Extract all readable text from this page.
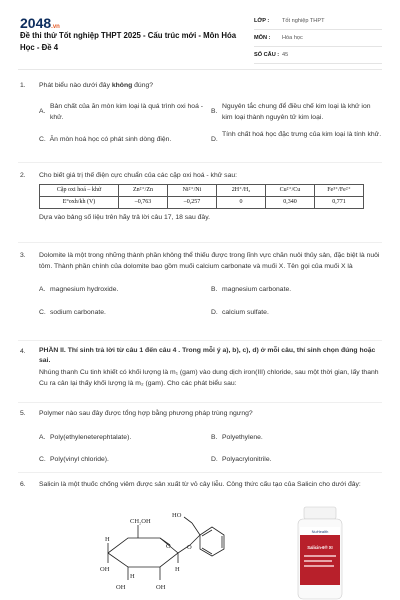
2048.vn
Đề thi thử Tốt nghiệp THPT 2025 - Cấu trúc mới - Môn Hóa Học - Đề 4
LỚP :	Tốt nghiệp THPT
MÔN :	Hóa học
SỐ CÂU : 45
1.	Phát biểu nào dưới đây không đúng?
A.
Bản chất của ăn mòn kim loại là quá trình oxi hoá - khử.
B.
Nguyên tắc chung để điều chế kim loại là khử ion kim loại thành nguyên tử kim loại.
C. Ăn mòn hoá học có phát sinh dòng điện.	D.
Tính chất hoá học đặc trưng của kim loại là tính khử.
2.	Cho biết giá trị thế điện cực chuẩn của các cặp oxi hoá - khử sau:
Cặp oxi hoá – khử	Zn²⁺/Zn	Ni²⁺/Ni	2H⁺/H₂	Cu²⁺/Cu	Fe³⁺/Fe²⁺
E°oxh/kh (V)	–0,763	–0,257	0	0,340	0,771
Dựa vào bảng số liệu trên hãy trả lời câu 17, 18 sau đây.
3.	Dolomite là một trong những thành phần không thể thiếu được trong lĩnh vực chăn nuôi thủy sản, đặc biệt là nuôi tôm. Thành phần chính của dolomite bao gồm muối calcium carbonate và muối X. Tên gọi của muối X là
A. magnesium hydroxide.	B. magnesium carbonate.
C. sodium carbonate.	D. calcium sulfate.
4.	PHẦN II. Thí sinh trả lời từ câu 1 đến câu 4 . Trong mỗi ý a), b), c), d) ở mỗi câu, thí sinh chọn đúng hoặc sai.
Nhúng thanh Cu tinh khiết có khối lượng là m₁ (gam) vào dung dịch iron(III) chloride, sau một thời gian, lấy thanh Cu ra cân lại thấy khối lượng là m₂ (gam). Cho các phát biểu sau:
5.	Polymer nào sau đây được tổng hợp bằng phương pháp trùng ngưng?
A. Poly(ethyleneterephtalate).	B. Polyethylene.
C. Poly(vinyl chloride).	D. Polyacrylonitrile.
6.	Salicin là một thuốc chống viêm được sản xuất từ vỏ cây liễu. Công thức cấu tạo của Salicin cho dưới đây:
CH₂OH
HO
O	O
H
OH
OH	OH
H
H
NuHealth
Salicin-6® XI
